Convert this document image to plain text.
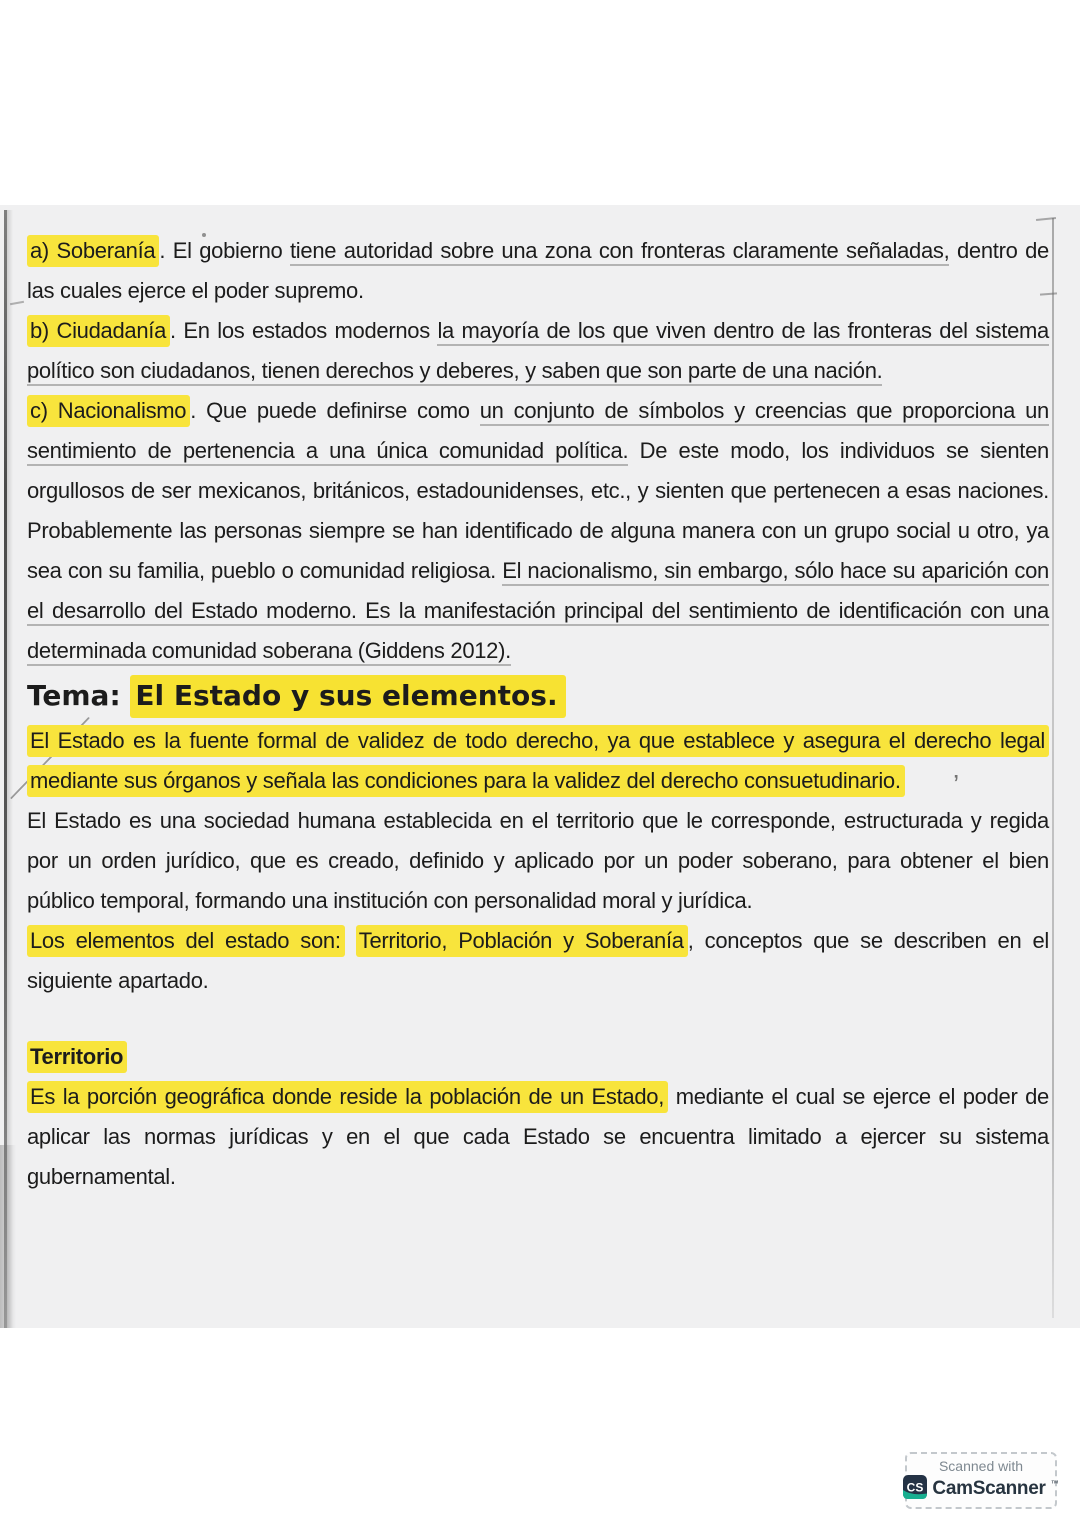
’

a) Soberanía . El gobierno tiene autoridad sobre una zona con fronteras claramente señaladas, dentro de las cuales ejerce el poder supremo.

b) Ciudadanía . En los estados modernos la mayoría de los que viven dentro de las fronteras del sistema político son ciudadanos, tienen derechos y deberes, y saben que son parte de una nación.

c) Nacionalismo . Que puede definirse como un conjunto de símbolos y creencias que proporciona un sentimiento de pertenencia a una única comunidad política. De este modo, los individuos se sienten orgullosos de ser mexicanos, británicos, estadounidenses, etc., y sienten que pertenecen a esas naciones. Probablemente las personas siempre se han identificado de alguna manera con un grupo social u otro, ya sea con su familia, pueblo o comunidad religiosa. El nacionalismo, sin embargo, sólo hace su aparición con el desarrollo del Estado moderno. Es la manifestación principal del sentimiento de identificación con una determinada comunidad soberana (Giddens 2012).

Tema: El Estado y sus elementos.

El Estado es la fuente formal de validez de todo derecho, ya que establece y asegura el derecho legal mediante sus órganos y señala las condiciones para la validez del derecho consuetudinario.

El Estado es una sociedad humana establecida en el territorio que le corresponde, estructurada y regida por un orden jurídico, que es creado, definido y aplicado por un poder soberano, para obtener el bien público temporal, formando una institución con personalidad moral y jurídica.

Los elementos del estado son: Territorio, Población y Soberanía , conceptos que se describen en el siguiente apartado.

Territorio

Es la porción geográfica donde reside la población de un Estado, mediante el cual se ejerce el poder de aplicar las normas jurídicas y en el que cada Estado se encuentra limitado a ejercer su sistema gubernamental.

Scanned with
CS CamScanner ™
